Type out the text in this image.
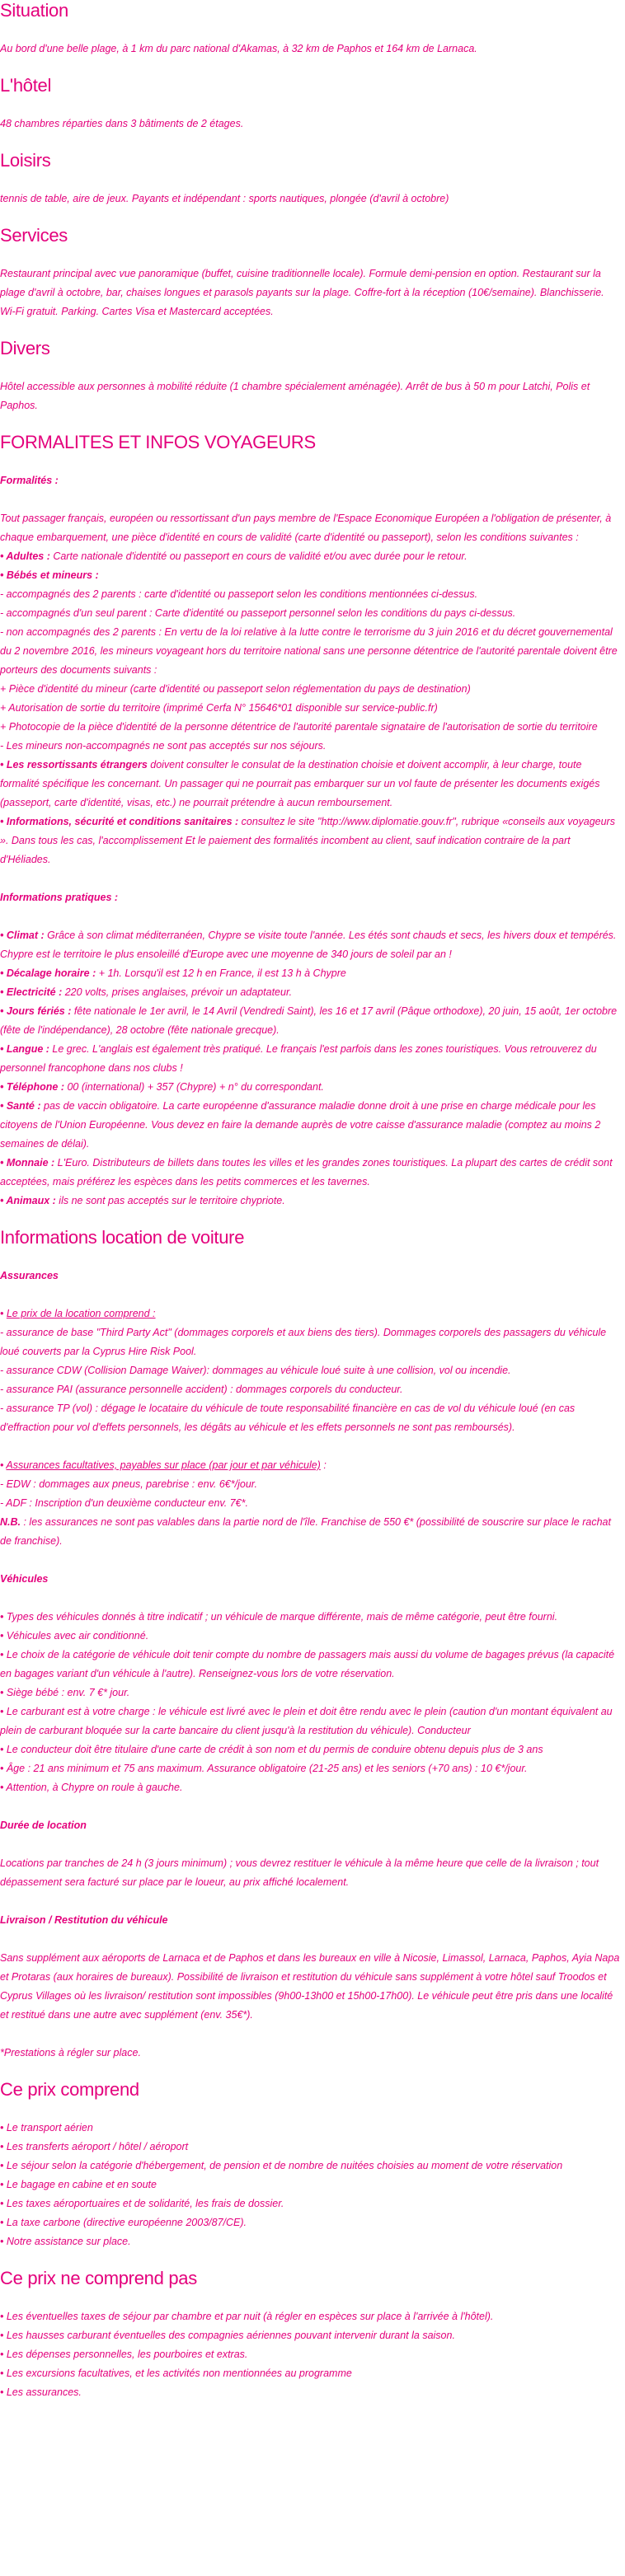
Situation

Au bord d'une belle plage, à 1 km du parc national d'Akamas, à 32 km de Paphos et 164 km de Larnaca.

L'hôtel

48 chambres réparties dans 3 bâtiments de 2 étages.

Loisirs

tennis de table, aire de jeux. Payants et indépendant : sports nautiques, plongée (d'avril à octobre)

Services

Restaurant principal avec vue panoramique (buffet, cuisine traditionnelle locale). Formule demi-pension en option. Restaurant sur la plage d'avril à octobre, bar, chaises longues et parasols payants sur la plage. Coffre-fort à la réception (10€/semaine). Blanchisserie. Wi-Fi gratuit. Parking. Cartes Visa et Mastercard acceptées.

Divers

Hôtel accessible aux personnes à mobilité réduite (1 chambre spécialement aménagée). Arrêt de bus à 50 m pour Latchi, Polis et Paphos.

FORMALITES ET INFOS VOYAGEURS

Formalités :

Tout passager français, européen ou ressortissant d'un pays membre de l'Espace Economique Européen a l'obligation de présenter, à chaque embarquement, une pièce d'identité en cours de validité (carte d'identité ou passeport), selon les conditions suivantes :

• Adultes : Carte nationale d'identité ou passeport en cours de validité et/ou avec durée pour le retour.

• Bébés et mineurs :

- accompagnés des 2 parents : carte d'identité ou passeport selon les conditions mentionnées ci-dessus.

- accompagnés d'un seul parent : Carte d'identité ou passeport personnel selon les conditions du pays ci-dessus.

- non accompagnés des 2 parents : En vertu de la loi relative à la lutte contre le terrorisme du 3 juin 2016 et du décret gouvernemental du 2 novembre 2016, les mineurs voyageant hors du territoire national sans une personne détentrice de l'autorité parentale doivent être porteurs des documents suivants :

+ Pièce d'identité du mineur (carte d'identité ou passeport selon réglementation du pays de destination)

+ Autorisation de sortie du territoire (imprimé Cerfa N° 15646*01 disponible sur service-public.fr)

+ Photocopie de la pièce d'identité de la personne détentrice de l'autorité parentale signataire de l'autorisation de sortie du territoire

- Les mineurs non-accompagnés ne sont pas acceptés sur nos séjours.

• Les ressortissants étrangers doivent consulter le consulat de la destination choisie et doivent accomplir, à leur charge, toute formalité spécifique les concernant. Un passager qui ne pourrait pas embarquer sur un vol faute de présenter les documents exigés (passeport, carte d'identité, visas, etc.) ne pourrait prétendre à aucun remboursement.

• Informations, sécurité et conditions sanitaires : consultez le site "http://www.diplomatie.gouv.fr", rubrique «conseils aux voyageurs ». Dans tous les cas, l'accomplissement Et le paiement des formalités incombent au client, sauf indication contraire de la part d'Héliades.

Informations pratiques :

• Climat : Grâce à son climat méditerranéen, Chypre se visite toute l'année. Les étés sont chauds et secs, les hivers doux et tempérés. Chypre est le territoire le plus ensoleillé d'Europe avec une moyenne de 340 jours de soleil par an !

• Décalage horaire : + 1h. Lorsqu'il est 12 h en France, il est 13 h à Chypre

• Electricité : 220 volts, prises anglaises, prévoir un adaptateur.

• Jours fériés : fête nationale le 1er avril, le 14 Avril (Vendredi Saint), les 16 et 17 avril (Pâque orthodoxe), 20 juin, 15 août, 1er octobre (fête de l'indépendance), 28 octobre (fête nationale grecque).

• Langue : Le grec. L'anglais est également très pratiqué. Le français l'est parfois dans les zones touristiques. Vous retrouverez du personnel francophone dans nos clubs !

• Téléphone : 00 (international) + 357 (Chypre) + n° du correspondant.

• Santé : pas de vaccin obligatoire. La carte européenne d'assurance maladie donne droit à une prise en charge médicale pour les citoyens de l'Union Européenne. Vous devez en faire la demande auprès de votre caisse d'assurance maladie (comptez au moins 2 semaines de délai).

• Monnaie : L'Euro. Distributeurs de billets dans toutes les villes et les grandes zones touristiques. La plupart des cartes de crédit sont acceptées, mais préférez les espèces dans les petits commerces et les tavernes.

• Animaux : ils ne sont pas acceptés sur le territoire chypriote.

Informations location de voiture

Assurances

• Le prix de la location comprend :

- assurance de base "Third Party Act" (dommages corporels et aux biens des tiers). Dommages corporels des passagers du véhicule loué couverts par la Cyprus Hire Risk Pool.

- assurance CDW (Collision Damage Waiver): dommages au véhicule loué suite à une collision, vol ou incendie.

- assurance PAI (assurance personnelle accident) : dommages corporels du conducteur.

- assurance TP (vol) : dégage le locataire du véhicule de toute responsabilité financière en cas de vol du véhicule loué (en cas d'effraction pour vol d'effets personnels, les dégâts au véhicule et les effets personnels ne sont pas remboursés).

• Assurances facultatives, payables sur place (par jour et par véhicule) :

- EDW : dommages aux pneus, parebrise : env. 6€*/jour.

- ADF : Inscription d'un deuxième conducteur env. 7€*.

N.B. : les assurances ne sont pas valables dans la partie nord de l'île. Franchise de 550 €* (possibilité de souscrire sur place le rachat de franchise).

Véhicules

• Types des véhicules donnés à titre indicatif ; un véhicule de marque différente, mais de même catégorie, peut être fourni.

• Véhicules avec air conditionné.

• Le choix de la catégorie de véhicule doit tenir compte du nombre de passagers mais aussi du volume de bagages prévus (la capacité en bagages variant d'un véhicule à l'autre). Renseignez-vous lors de votre réservation.

• Siège bébé : env. 7 €* jour.

• Le carburant est à votre charge : le véhicule est livré avec le plein et doit être rendu avec le plein (caution d'un montant équivalent au plein de carburant bloquée sur la carte bancaire du client jusqu'à la restitution du véhicule). Conducteur

• Le conducteur doit être titulaire d'une carte de crédit à son nom et du permis de conduire obtenu depuis plus de 3 ans

• Âge : 21 ans minimum et 75 ans maximum. Assurance obligatoire (21-25 ans) et les seniors (+70 ans) : 10 €*/jour.

• Attention, à Chypre on roule à gauche.

Durée de location

Locations par tranches de 24 h (3 jours minimum) ; vous devrez restituer le véhicule à la même heure que celle de la livraison ; tout dépassement sera facturé sur place par le loueur, au prix affiché localement.

Livraison / Restitution du véhicule

Sans supplément aux aéroports de Larnaca et de Paphos et dans les bureaux en ville à Nicosie, Limassol, Larnaca, Paphos, Ayia Napa et Protaras (aux horaires de bureaux). Possibilité de livraison et restitution du véhicule sans supplément à votre hôtel sauf Troodos et Cyprus Villages où les livraison/ restitution sont impossibles (9h00-13h00 et 15h00-17h00). Le véhicule peut être pris dans une localité et restitué dans une autre avec supplément (env. 35€*).

*Prestations à régler sur place.

Ce prix comprend

• Le transport aérien

• Les transferts aéroport / hôtel / aéroport

• Le séjour selon la catégorie d'hébergement, de pension et de nombre de nuitées choisies au moment de votre réservation

• Le bagage en cabine et en soute

• Les taxes aéroportuaires et de solidarité, les frais de dossier.

• La taxe carbone (directive européenne 2003/87/CE).

• Notre assistance sur place.

Ce prix ne comprend pas

• Les éventuelles taxes de séjour par chambre et par nuit (à régler en espèces sur place à l'arrivée à l'hôtel).

• Les hausses carburant éventuelles des compagnies aériennes pouvant intervenir durant la saison.

• Les dépenses personnelles, les pourboires et extras.

• Les excursions facultatives, et les activités non mentionnées au programme

• Les assurances.
